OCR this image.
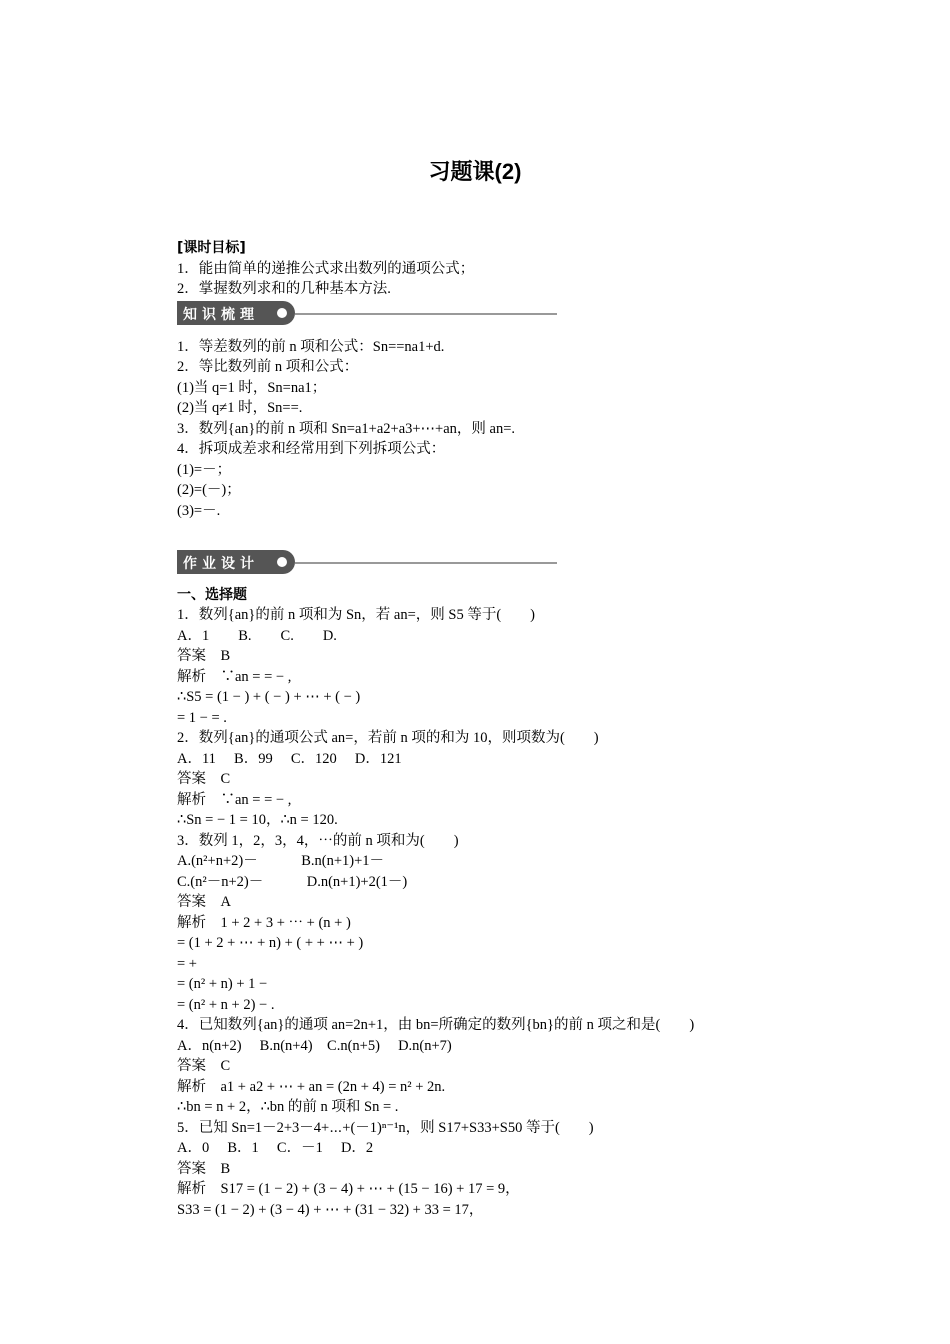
习题课(2)
[课时目标]
1．能由简单的递推公式求出数列的通项公式；
2．掌握数列求和的几种基本方法.
知识梳理
1．等差数列的前 n 项和公式：Sn==na1+d.
2．等比数列前 n 项和公式：
(1)当 q=1 时，Sn=na1；
(2)当 q≠1 时，Sn==.
3．数列{an}的前 n 项和 Sn=a1+a2+a3+⋯+an，则 an=.
4．拆项成差求和经常用到下列拆项公式：
(1)=－；
(2)=(－)；
(3)=－.
作业设计
一、选择题
1．数列{an}的前 n 项和为 Sn，若 an=，则 S5 等于(　　)
A．1　　B.　　C.　　D.
答案　B
解析　∵an = = − ,
∴S5 = (1 − ) + ( − ) + ⋯ + ( − )
= 1 − = .
2．数列{an}的通项公式 an=，若前 n 项的和为 10，则项数为(　　)
A．11　 B．99　 C．120　 D．121
答案　C
解析　∵an = = − ,
∴Sn = − 1 = 10，∴n = 120.
3．数列 1，2，3，4，⋯的前 n 项和为(　　)
A.(n²+n+2)－　　　B.n(n+1)+1－
C.(n²－n+2)－　　　D.n(n+1)+2(1－)
答案　A
解析　1 + 2 + 3 + ⋯ + (n + )
= (1 + 2 + ⋯ + n) + ( + + ⋯ + )
= +
= (n² + n) + 1 −
= (n² + n + 2) − .
4．已知数列{an}的通项 an=2n+1，由 bn=所确定的数列{bn}的前 n 项之和是(　　)
A．n(n+2)　 B.n(n+4)　C.n(n+5)　 D.n(n+7)
答案　C
解析　a1 + a2 + ⋯ + an = (2n + 4) = n² + 2n.
∴bn = n + 2，∴bn 的前 n 项和 Sn = .
5．已知 Sn=1－2+3－4+⋯+(－1)ⁿ⁻¹n，则 S17+S33+S50 等于(　　)
A．0　 B．1　 C．－1　 D．2
答案　B
解析　S17 = (1 − 2) + (3 − 4) + ⋯ + (15 − 16) + 17 = 9，
S33 = (1 − 2) + (3 − 4) + ⋯ + (31 − 32) + 33 = 17，
